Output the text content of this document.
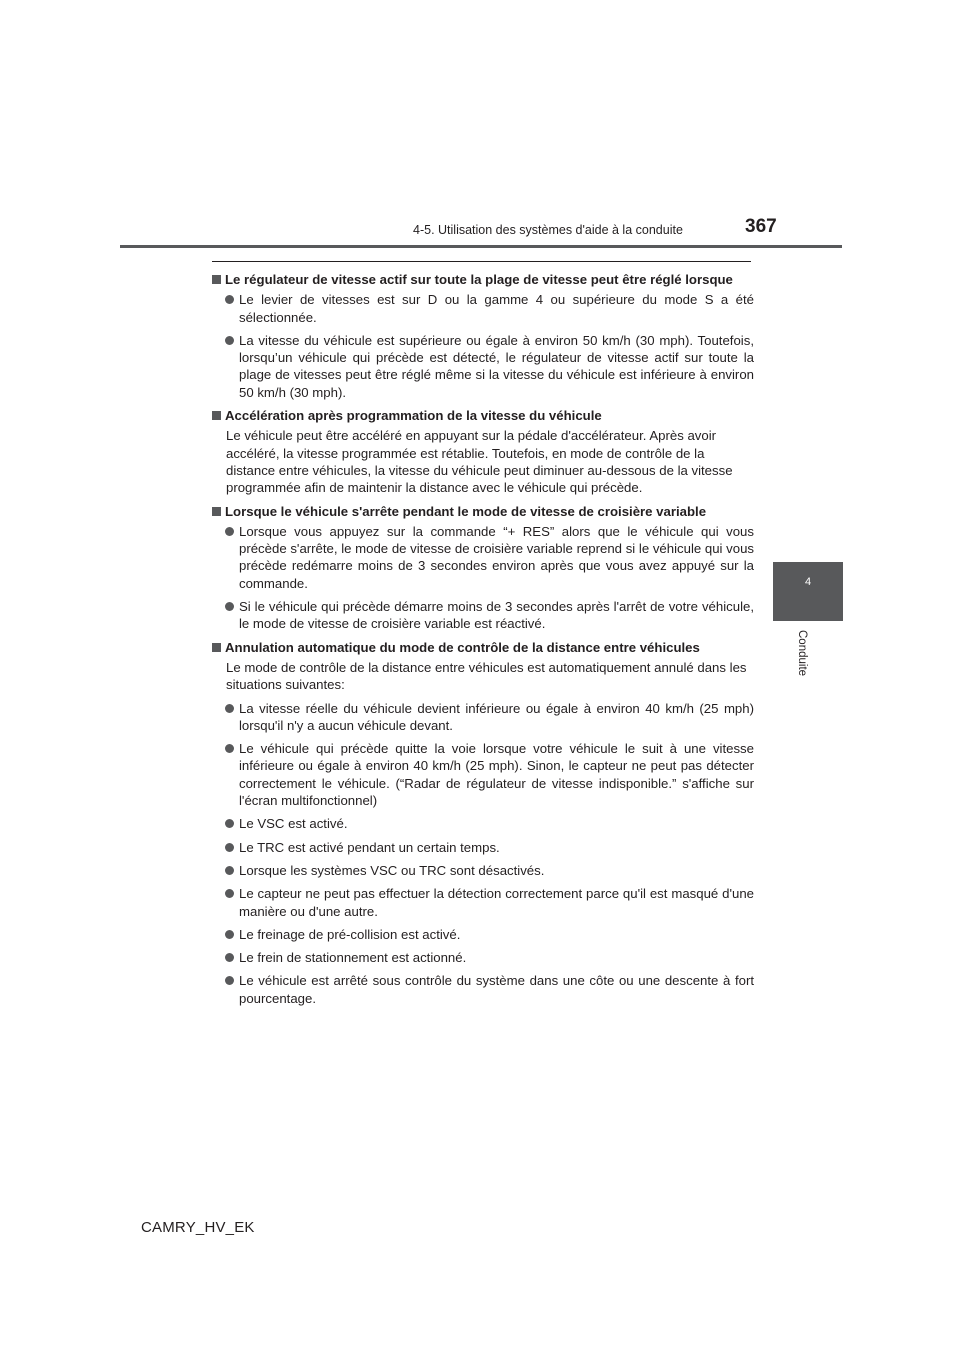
4-5. Utilisation des systèmes d'aide à la conduite	367
4
Conduite
Le régulateur de vitesse actif sur toute la plage de vitesse peut être réglé lorsque
Le levier de vitesses est sur D ou la gamme 4 ou supérieure du mode S a été sélectionnée.
La vitesse du véhicule est supérieure ou égale à environ 50 km/h (30 mph). Toutefois, lorsqu’un véhicule qui précède est détecté, le régulateur de vitesse actif sur toute la plage de vitesses peut être réglé même si la vitesse du véhicule est inférieure à environ 50 km/h (30 mph).
Accélération après programmation de la vitesse du véhicule

Le véhicule peut être accéléré en appuyant sur la pédale d'accélérateur. Après avoir accéléré, la vitesse programmée est rétablie. Toutefois, en mode de contrôle de la distance entre véhicules, la vitesse du véhicule peut diminuer au-dessous de la vitesse programmée afin de maintenir la distance avec le véhicule qui précède.

Lorsque le véhicule s'arrête pendant le mode de vitesse de croisière variable
Lorsque vous appuyez sur la commande “+ RES” alors que le véhicule qui vous précède s'arrête, le mode de vitesse de croisière variable reprend si le véhicule qui vous précède redémarre moins de 3 secondes environ après que vous avez appuyé sur la commande.
Si le véhicule qui précède démarre moins de 3 secondes après l'arrêt de votre véhicule, le mode de vitesse de croisière variable est réactivé.
Annulation automatique du mode de contrôle de la distance entre véhicules

Le mode de contrôle de la distance entre véhicules est automatiquement annulé dans les situations suivantes:

La vitesse réelle du véhicule devient inférieure ou égale à environ 40 km/h (25 mph) lorsqu'il n'y a aucun véhicule devant.
Le véhicule qui précède quitte la voie lorsque votre véhicule le suit à une vitesse inférieure ou égale à environ 40 km/h (25 mph). Sinon, le capteur ne peut pas détecter correctement le véhicule. (“Radar de régulateur de vitesse indisponible.” s'affiche sur l'écran multifonctionnel)
Le VSC est activé.
Le TRC est activé pendant un certain temps.
Lorsque les systèmes VSC ou TRC sont désactivés.
Le capteur ne peut pas effectuer la détection correctement parce qu'il est masqué d'une manière ou d'une autre.
Le freinage de pré-collision est activé.
Le frein de stationnement est actionné.
Le véhicule est arrêté sous contrôle du système dans une côte ou une descente à fort pourcentage.
CAMRY_HV_EK
